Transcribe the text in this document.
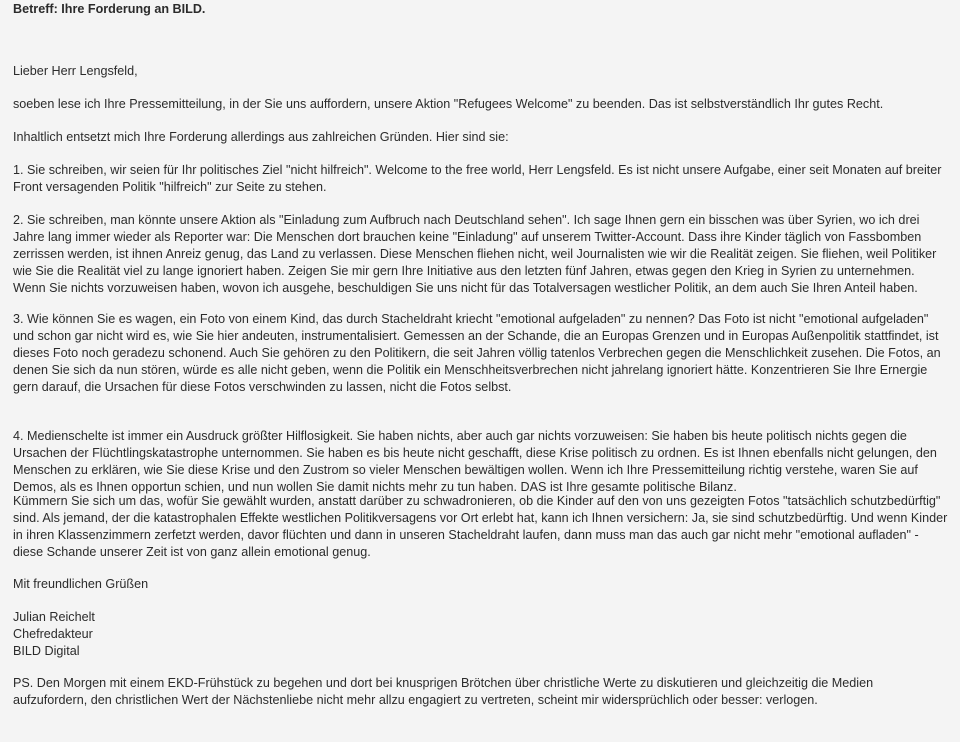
Betreff: Ihre Forderung an BILD.

Lieber Herr Lengsfeld,

soeben lese ich Ihre Pressemitteilung, in der Sie uns auffordern, unsere Aktion "Refugees Welcome" zu beenden. Das ist selbstverständlich Ihr gutes Recht.

Inhaltlich entsetzt mich Ihre Forderung allerdings aus zahlreichen Gründen. Hier sind sie:

1. Sie schreiben, wir seien für Ihr politisches Ziel "nicht hilfreich". Welcome to the free world, Herr Lengsfeld. Es ist nicht unsere Aufgabe, einer seit Monaten auf breiter Front versagenden Politik "hilfreich" zur Seite zu stehen.

2. Sie schreiben, man könnte unsere Aktion als "Einladung zum Aufbruch nach Deutschland sehen". Ich sage Ihnen gern ein bisschen was über Syrien, wo ich drei Jahre lang immer wieder als Reporter war: Die Menschen dort brauchen keine "Einladung" auf unserem Twitter-Account. Dass ihre Kinder täglich von Fassbomben zerrissen werden, ist ihnen Anreiz genug, das Land zu verlassen. Diese Menschen fliehen nicht, weil Journalisten wie wir die Realität zeigen. Sie fliehen, weil Politiker wie Sie die Realität viel zu lange ignoriert haben. Zeigen Sie mir gern Ihre Initiative aus den letzten fünf Jahren, etwas gegen den Krieg in Syrien zu unternehmen. Wenn Sie nichts vorzuweisen haben, wovon ich ausgehe, beschuldigen Sie uns nicht für das Totalversagen westlicher Politik, an dem auch Sie Ihren Anteil haben.

3. Wie können Sie es wagen, ein Foto von einem Kind, das durch Stacheldraht kriecht "emotional aufgeladen" zu nennen? Das Foto ist nicht "emotional aufgeladen" und schon gar nicht wird es, wie Sie hier andeuten, instrumentalisiert. Gemessen an der Schande, die an Europas Grenzen und in Europas Außenpolitik stattfindet, ist dieses Foto noch geradezu schonend. Auch Sie gehören zu den Politikern, die seit Jahren völlig tatenlos Verbrechen gegen die Menschlichkeit zusehen. Die Fotos, an denen Sie sich da nun stören, würde es alle nicht geben, wenn die Politik ein Menschheitsverbrechen nicht jahrelang ignoriert hätte. Konzentrieren Sie Ihre Ernergie gern darauf, die Ursachen für diese Fotos verschwinden zu lassen, nicht die Fotos selbst.

4. Medienschelte ist immer ein Ausdruck größter Hilflosigkeit. Sie haben nichts, aber auch gar nichts vorzuweisen: Sie haben bis heute politisch nichts gegen die Ursachen der Flüchtlingskatastrophe unternommen. Sie haben es bis heute nicht geschafft, diese Krise politisch zu ordnen. Es ist Ihnen ebenfalls nicht gelungen, den Menschen zu erklären, wie Sie diese Krise und den Zustrom so vieler Menschen bewältigen wollen. Wenn ich Ihre Pressemitteilung richtig verstehe, waren Sie auf Demos, als es Ihnen opportun schien, und nun wollen Sie damit nichts mehr zu tun haben. DAS ist Ihre gesamte politische Bilanz.

Kümmern Sie sich um das, wofür Sie gewählt wurden, anstatt darüber zu schwadronieren, ob die Kinder auf den von uns gezeigten Fotos "tatsächlich schutzbedürftig" sind. Als jemand, der die katastrophalen Effekte westlichen Politikversagens vor Ort erlebt hat, kann ich Ihnen versichern: Ja, sie sind schutzbedürftig. Und wenn Kinder in ihren Klassenzimmern zerfetzt werden, davor flüchten und dann in unseren Stacheldraht laufen, dann muss man das auch gar nicht mehr "emotional aufladen" - diese Schande unserer Zeit ist von ganz allein emotional genug.

Mit freundlichen Grüßen

Julian Reichelt

Chefredakteur

BILD Digital

PS. Den Morgen mit einem EKD-Frühstück zu begehen und dort bei knusprigen Brötchen über christliche Werte zu diskutieren und gleichzeitig die Medien aufzufordern, den christlichen Wert der Nächstenliebe nicht mehr allzu engagiert zu vertreten, scheint mir widersprüchlich oder besser: verlogen.
